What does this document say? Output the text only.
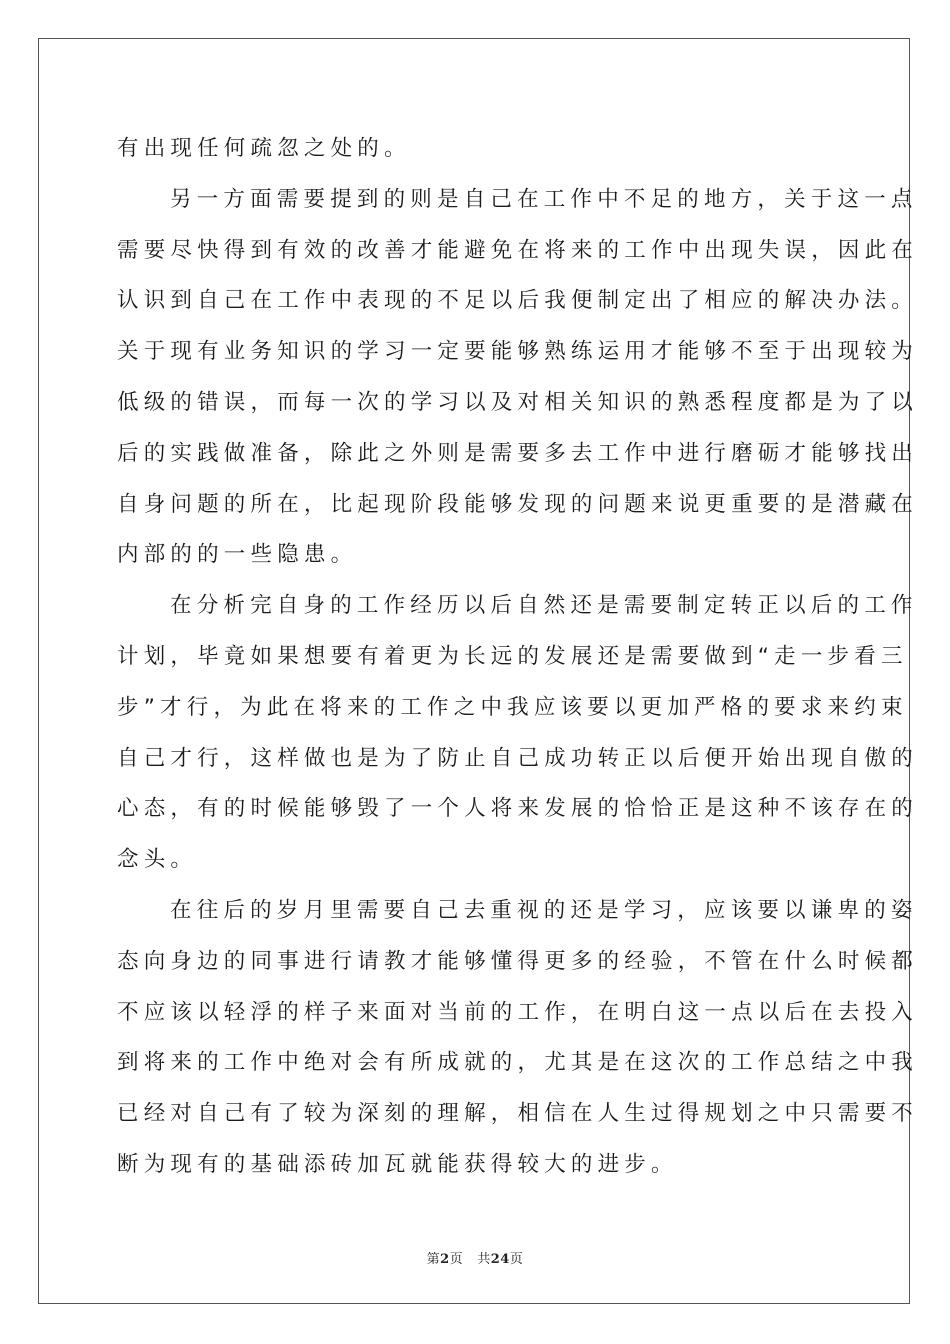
有出现任何疏忽之处的。
另一方面需要提到的则是自己在工作中不足的地方，关于这一点
需要尽快得到有效的改善才能避免在将来的工作中出现失误，因此在
认识到自己在工作中表现的不足以后我便制定出了相应的解决办法。
关于现有业务知识的学习一定要能够熟练运用才能够不至于出现较为
低级的错误，而每一次的学习以及对相关知识的熟悉程度都是为了以
后的实践做准备，除此之外则是需要多去工作中进行磨砺才能够找出
自身问题的所在，比起现阶段能够发现的问题来说更重要的是潜藏在
内部的的一些隐患。
在分析完自身的工作经历以后自然还是需要制定转正以后的工作
计划，毕竟如果想要有着更为长远的发展还是需要做到“走一步看三
步”才行，为此在将来的工作之中我应该要以更加严格的要求来约束
自己才行，这样做也是为了防止自己成功转正以后便开始出现自傲的
心态，有的时候能够毁了一个人将来发展的恰恰正是这种不该存在的
念头。
在往后的岁月里需要自己去重视的还是学习，应该要以谦卑的姿
态向身边的同事进行请教才能够懂得更多的经验，不管在什么时候都
不应该以轻浮的样子来面对当前的工作，在明白这一点以后在去投入
到将来的工作中绝对会有所成就的，尤其是在这次的工作总结之中我
已经对自己有了较为深刻的理解，相信在人生过得规划之中只需要不
断为现有的基础添砖加瓦就能获得较大的进步。
第2页 共24页
